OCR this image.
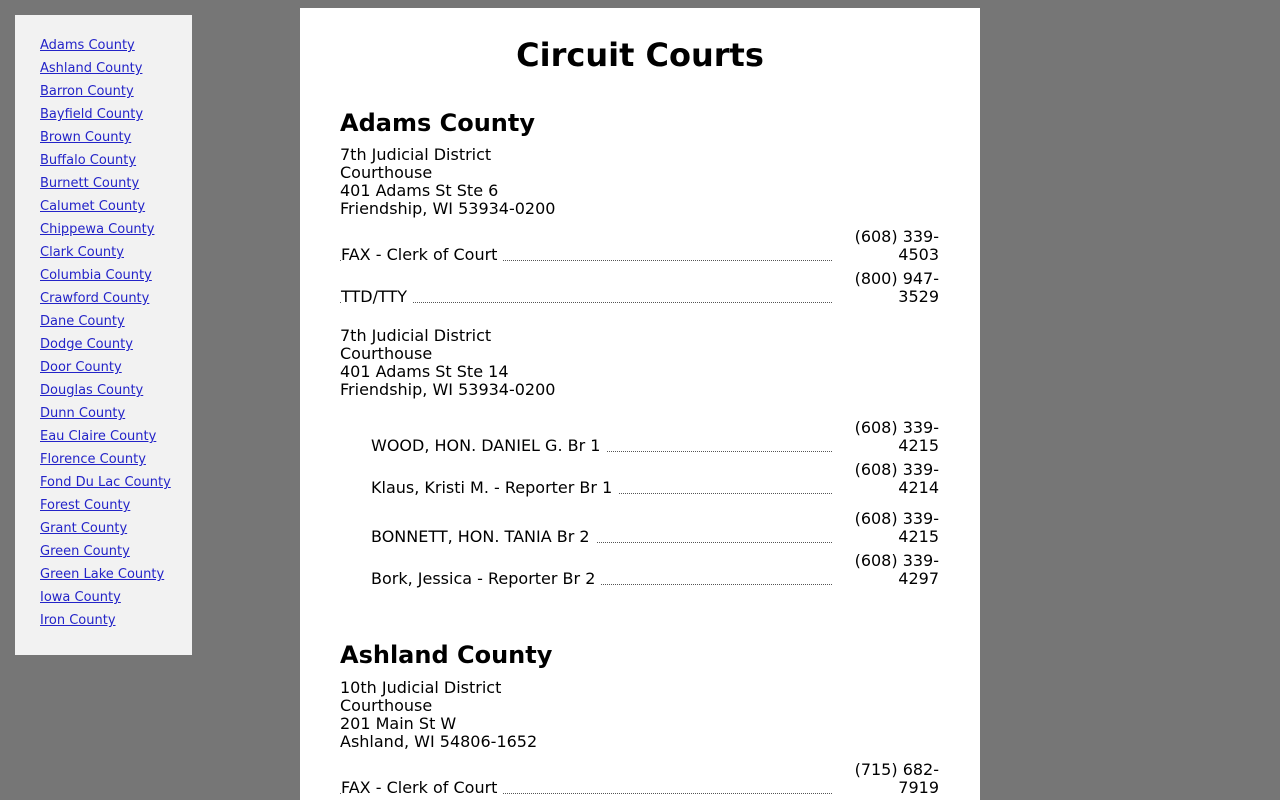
Adams County
Ashland County
Barron County
Bayfield County
Brown County
Buffalo County
Burnett County
Calumet County
Chippewa County
Clark County
Columbia County
Crawford County
Dane County
Dodge County
Door County
Douglas County
Dunn County
Eau Claire County
Florence County
Fond Du Lac County
Forest County
Grant County
Green County
Green Lake County
Iowa County
Iron County
Circuit Courts
Adams County
7th Judicial District
Courthouse
401 Adams St Ste 6
Friendship, WI 53934-0200
FAX - Clerk of Court
(608) 339-
4503
TTD/TTY
(800) 947-
3529
7th Judicial District
Courthouse
401 Adams St Ste 14
Friendship, WI 53934-0200
WOOD, HON. DANIEL G. Br 1
(608) 339-
4215
Klaus, Kristi M. - Reporter Br 1
(608) 339-
4214
BONNETT, HON. TANIA Br 2
(608) 339-
4215
Bork, Jessica - Reporter Br 2
(608) 339-
4297
Ashland County
10th Judicial District
Courthouse
201 Main St W
Ashland, WI 54806-1652
FAX - Clerk of Court
(715) 682-
7919
